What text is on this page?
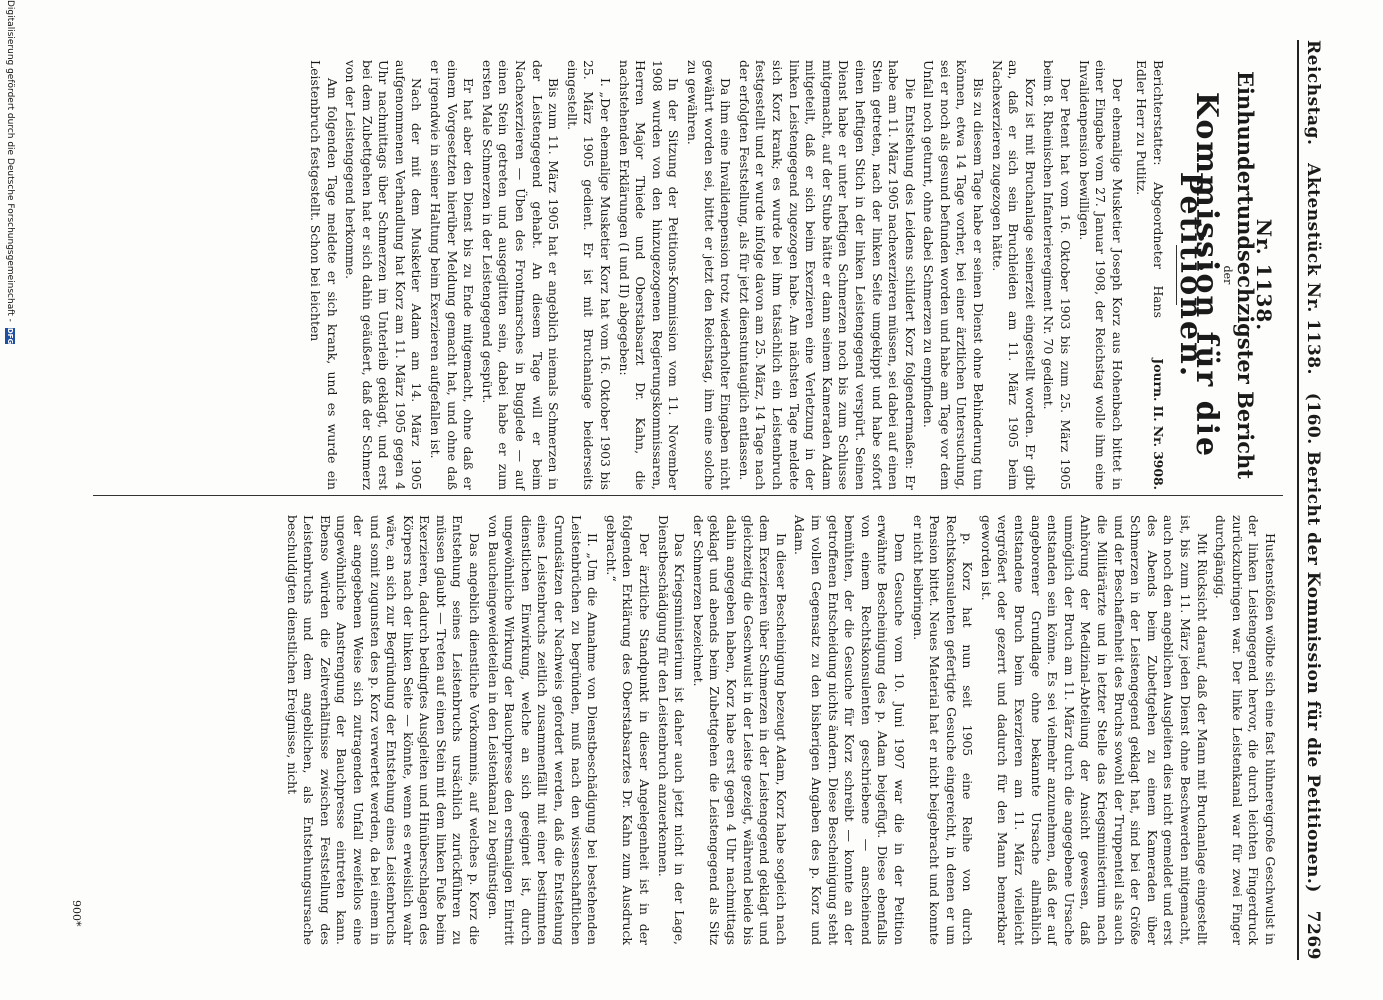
Reichstag.
Aktenstück Nr. 1138.
(160. Bericht der Kommission für die Petitionen.)
7269
Nr. 1138.
Einhundertundsechzigster Bericht
der
Kommission für die Petitionen.
Berichterstatter: Abgeordneter Hans Edler Herr zu Putlitz.
Journ. II. Nr. 3908.

Der ehemalige Musketier Joseph Korz aus Hohenbach bittet in einer Eingabe vom 27. Januar 1908, der Reichstag wolle ihm eine Invalidenpension bewilligen.

Der Petent hat vom 16. Oktober 1903 bis zum 25. März 1905 beim 8. Rheinischen Infanterieregiment Nr. 70 gedient.

Korz ist mit Bruchanlage seinerzeit eingestellt worden. Er gibt an, daß er sich sein Bruchleiden am 11. März 1905 beim Nachexerzieren zugezogen hätte.

Bis zu diesem Tage habe er seinen Dienst ohne Behinderung tun können, etwa 14 Tage vorher, bei einer ärztlichen Untersuchung, sei er noch als gesund befunden worden und habe am Tage vor dem Unfall noch geturnt, ohne dabei Schmerzen zu empfinden.

Die Entstehung des Leidens schildert Korz folgendermaßen: Er habe am 11. März 1905 nachexerzieren müssen, sei dabei auf einen Stein getreten, nach der linken Seite umgekippt und habe sofort einen heftigen Stich in der linken Leistengegend verspürt. Seinen Dienst habe er unter heftigen Schmerzen noch bis zum Schlusse mitgemacht, auf der Stube hätte er dann seinem Kameraden Adam mitgeteilt, daß er sich beim Exerzieren eine Verletzung in der linken Leistengegend zugezogen habe. Am nächsten Tage meldete sich Korz krank; es wurde bei ihm tatsächlich ein Leistenbruch festgestellt und er wurde infolge davon am 25. März, 14 Tage nach der erfolgten Feststellung, als für jetzt dienstuntauglich entlassen.

Da ihm eine Invalidenpension trotz wiederholter Eingaben nicht gewährt worden sei, bittet er jetzt den Reichstag, ihm eine solche zu gewähren.

In der Sitzung der Petitions-Kommission vom 11. November 1908 wurden von den hinzugezogenen Regierungskommissaren, Herren Major Thiede und Oberstabsarzt Dr. Kahn, die nachstehenden Erklärungen (I und II) abgegeben:

I. „Der ehemalige Musketier Korz hat vom 16. Oktober 1903 bis 25. März 1905 gedient. Er ist mit Bruchanlage beiderseits eingestellt.

Bis zum 11. März 1905 hat er angeblich niemals Schmerzen in der Leistengegend gehabt. An diesem Tage will er beim Nachexerzieren — Üben des Frontmarsches in Bugglede — auf einen Stein getreten und ausgeglitten sein, dabei habe er zum ersten Male Schmerzen in der Leistengegend gespürt.

Er hat aber den Dienst bis zu Ende mitgemacht, ohne daß er einem Vorgesetzten hierüber Meldung gemacht hat, und ohne daß er irgendwie in seiner Haltung beim Exerzieren aufgefallen ist.

Nach der mit dem Musketier Adam am 14. März 1905 aufgenommenen Verhandlung hat Korz am 11. März 1905 gegen 4 Uhr nachmittags über Schmerzen im Unterleib geklagt, und erst bei dem Zubettgehen hat er sich dahin geäußert, daß der Schmerz von der Leistengegend herkomme.

Am folgenden Tage meldete er sich krank, und es wurde ein Leistenbruch festgestellt. Schon bei leichten

Hustenstößen wölbte sich eine fast hühnereigroße Geschwulst in der linken Leistengegend hervor, die durch leichten Fingerdruck zurückzubringen war. Der linke Leistenkanal war für zwei Finger durchgängig.

Mit Rücksicht darauf, daß der Mann mit Bruchanlage eingestellt ist, bis zum 11. März jeden Dienst ohne Beschwerden mitgemacht, auch noch den angeblichen Ausgleiten dies nicht gemeldet und erst des Abends beim Zubettgehen zu einem Kameraden über Schmerzen in der Leistengegend geklagt hat, sind bei der Größe und der Beschaffenheit des Bruchs sowohl der Truppenteil als auch die Militärärzte und in letzter Stelle das Kriegsministerium nach Anhörung der Medizinal-Abteilung der Ansicht gewesen, daß unmöglich der Bruch am 11. März durch die angegebene Ursache entstanden sein könne. Es sei vielmehr anzunehmen, daß der auf angeborener Grundlage ohne bekannte Ursache allmählich entstandene Bruch beim Exerzieren am 11. März vielleicht vergrößert oder gezerrt und dadurch für den Mann bemerkbar geworden ist.

p. Korz hat nun seit 1905 eine Reihe von durch Rechtskonsulenten gefertigte Gesuche eingereicht, in denen er um Pension bittet. Neues Material hat er nicht beigebracht und konnte er nicht beibringen.

Dem Gesuche vom 10. Juni 1907 war die in der Petition erwähnte Bescheinigung des p. Adam beigefügt. Diese ebenfalls von einem Rechtskonsulenten geschriebene — anscheinend bemühten, der die Gesuche für Korz schreibt — konnte an der getroffenen Entscheidung nichts ändern. Diese Bescheinigung steht im vollen Gegensatz zu den bisherigen Angaben des p. Korz und Adam.

In dieser Bescheinigung bezeugt Adam, Korz habe sogleich nach dem Exerzieren über Schmerzen in der Leistengegend geklagt und gleichzeitig die Geschwulst in der Leiste gezeigt, während beide bis dahin angegeben haben, Korz habe erst gegen 4 Uhr nachmittags geklagt und abends beim Zubettgehen die Leistengegend als Sitz der Schmerzen bezeichnet.

Das Kriegsministerium ist daher auch jetzt nicht in der Lage, Dienstbeschädigung für den Leistenbruch anzuerkennen.

Der ärztliche Standpunkt in dieser Angelegenheit ist in der folgenden Erklärung des Oberstabsarztes Dr. Kahn zum Ausdruck gebracht.“

II. „Um die Annahme von Dienstbeschädigung bei bestehenden Leistenbrüchen zu begründen, muß nach den wissenschaftlichen Grundsätzen der Nachweis gefordert werden, daß die Entstehung eines Leistenbruchs zeitlich zusammenfällt mit einer bestimmten dienstlichen Einwirkung, welche an sich geeignet ist, durch ungewöhnliche Wirkung der Bauchpresse den erstmaligen Eintritt von Baucheingeweideteilen in den Leistenkanal zu begünstigen.

Das angeblich dienstliche Vorkommnis, auf welches p. Korz die Entstehung seines Leistenbruchs ursächlich zurückführen zu müssen glaubt — Treten auf einen Stein mit dem linken Fuße beim Exerzieren, dadurch bedingtes Ausgleiten und Hinüberschlagen des Körpers nach der linken Seite — könnte, wenn es erweislich wahr wäre, an sich zur Begründung der Entstehung eines Leistenbruchs und somit zugunsten des p. Korz verwertet werden, da bei einem in der angegebenen Weise sich zutragenden Unfall zweifellos eine ungewöhnliche Anstrengung der Bauchpresse eintreten kann. Ebenso würden die Zeitverhältnisse zwischen Feststellung des Leistenbruchs und dem angeblichen, als Entstehungsursache beschuldigten dienstlichen Ereignisse, nicht

900*
Digitalisierung gefördert durch die Deutsche Forschungsgemeinschaft -
DFG
